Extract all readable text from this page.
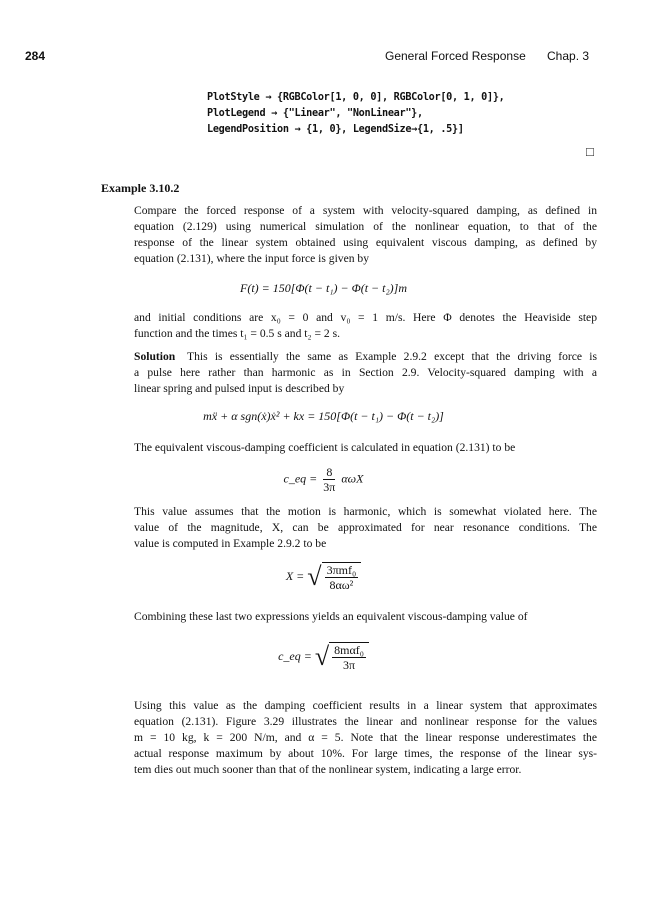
284	General Forced Response Chap. 3
PlotStyle → {RGBColor[1, 0, 0], RGBColor[0, 1, 0]},
PlotLegend → {"Linear", "NonLinear"},
LegendPosition → {1, 0}, LegendSize→{1, .5}]
□
Example 3.10.2
Compare the forced response of a system with velocity-squared damping, as defined in
equation (2.129) using numerical simulation of the nonlinear equation, to that of the
response of the linear system obtained using equivalent viscous damping, as defined by
equation (2.131), where the input force is given by
F(t) = 150[Φ(t − t₁) − Φ(t − t₂)]m
and initial conditions are x₀ = 0 and v₀ = 1 m/s. Here Φ denotes the Heaviside step
function and the times t₁ = 0.5 s and t₂ = 2 s.
Solution	This is essentially the same as Example 2.9.2 except that the driving force is
a pulse here rather than harmonic as in Section 2.9. Velocity-squared damping with a
linear spring and pulsed input is described by
mẍ + α sgn(ẋ)ẋ² + kx = 150[Φ(t − t₁) − Φ(t − t₂)]
The equivalent viscous-damping coefficient is calculated in equation (2.131) to be
c_eq = $\frac{8}{3\pi}$ αωX
This value assumes that the motion is harmonic, which is somewhat violated here. The
value of the magnitude, X, can be approximated for near resonance conditions. The
value is computed in Example 2.9.2 to be
X = √ $\frac{\text{3πmf₀}}{\text{8αω²}}$
Combining these last two expressions yields an equivalent viscous-damping value of
c_eq = √ $\frac{\text{8mαf₀}}{3\pi}$
Using this value as the damping coefficient results in a linear system that approximates
equation (2.131). Figure 3.29 illustrates the linear and nonlinear response for the values
m = 10 kg, k = 200 N/m, and α = 5. Note that the linear response underestimates the
actual response maximum by about 10%. For large times, the response of the linear sys-
tem dies out much sooner than that of the nonlinear system, indicating a large error.
